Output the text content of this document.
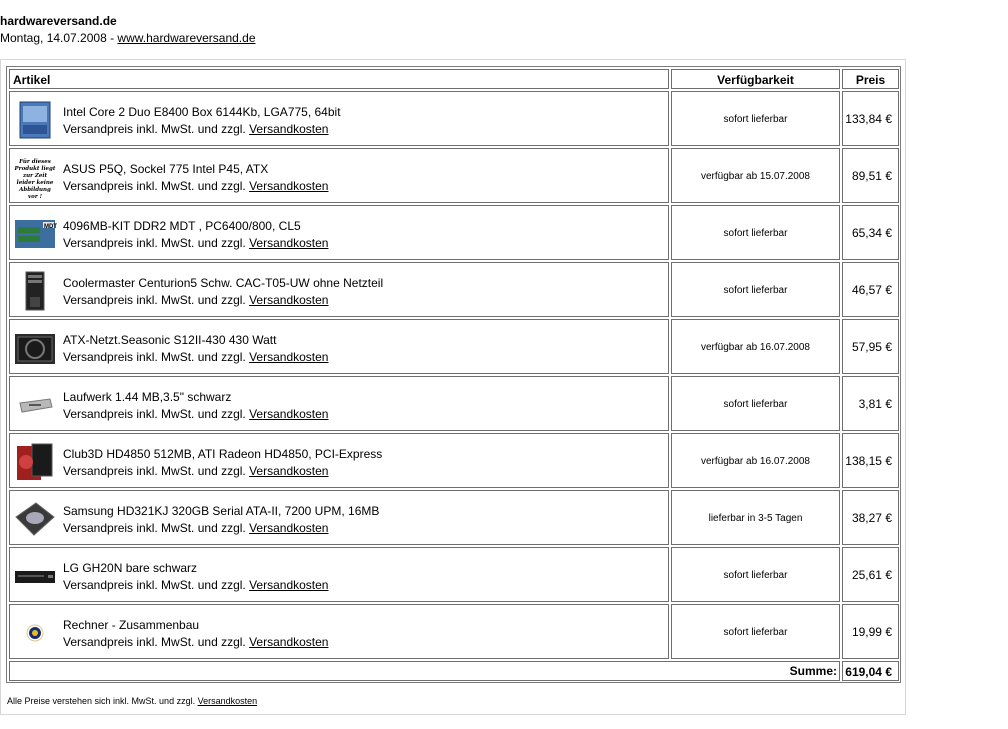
hardwareversand.de
Montag, 14.07.2008 - www.hardwareversand.de
Artikel	Verfügbarkeit	Preis
Intel Core 2 Duo E8400 Box 6144Kb, LGA775, 64bit
Versandpreis inkl. MwSt. und zzgl. Versandkosten
sofort lieferbar	133,84 €
Für dieses Produkt liegt zur Zeit leider keine Abbildung vor !
ASUS P5Q, Sockel 775 Intel P45, ATX
Versandpreis inkl. MwSt. und zzgl. Versandkosten
verfügbar ab 15.07.2008	89,51 €
MDT 4096MB-KIT DDR2 MDT , PC6400/800, CL5
Versandpreis inkl. MwSt. und zzgl. Versandkosten
sofort lieferbar	65,34 €
Coolermaster Centurion5 Schw. CAC-T05-UW ohne Netzteil
Versandpreis inkl. MwSt. und zzgl. Versandkosten
sofort lieferbar	46,57 €
ATX-Netzt.Seasonic S12II-430 430 Watt
Versandpreis inkl. MwSt. und zzgl. Versandkosten
verfügbar ab 16.07.2008	57,95 €
Laufwerk 1.44 MB,3.5" schwarz
Versandpreis inkl. MwSt. und zzgl. Versandkosten
sofort lieferbar	3,81 €
Club3D HD4850 512MB, ATI Radeon HD4850, PCI-Express
Versandpreis inkl. MwSt. und zzgl. Versandkosten
verfügbar ab 16.07.2008	138,15 €
Samsung HD321KJ 320GB Serial ATA-II, 7200 UPM, 16MB
Versandpreis inkl. MwSt. und zzgl. Versandkosten
lieferbar in 3-5 Tagen	38,27 €
LG GH20N bare schwarz
Versandpreis inkl. MwSt. und zzgl. Versandkosten
sofort lieferbar	25,61 €
Rechner - Zusammenbau
Versandpreis inkl. MwSt. und zzgl. Versandkosten
sofort lieferbar	19,99 €
Summe: 619,04 €
Alle Preise verstehen sich inkl. MwSt. und zzgl. Versandkosten
